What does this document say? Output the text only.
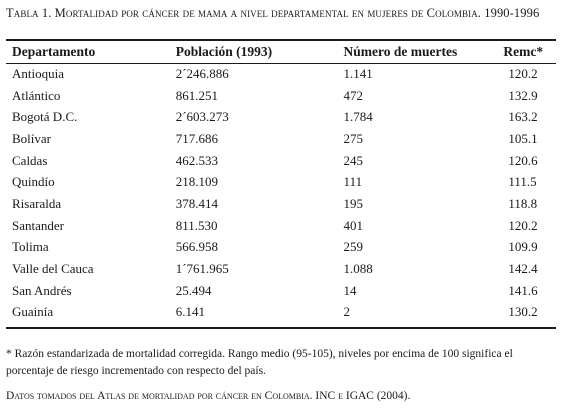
Tabla 1. Mortalidad por cáncer de mama a nivel departamental en mujeres de Colombia. 1990-1996
Departamento	Población (1993)	Número de muertes	Remc*
Antioquia	2´246.886	1.141	120.2
Atlántico	861.251	472	132.9
Bogotá D.C.	2´603.273	1.784	163.2
Bolívar	717.686	275	105.1
Caldas	462.533	245	120.6
Quindío	218.109	111	111.5
Risaralda	378.414	195	118.8
Santander	811.530	401	120.2
Tolima	566.958	259	109.9
Valle del Cauca	1´761.965	1.088	142.4
San Andrés	25.494	14	141.6
Guainía	6.141	2	130.2
* Razón estandarizada de mortalidad corregida. Rango medio (95-105), niveles por encima de 100 significa el porcentaje de riesgo incrementado con respecto del país.
Datos tomados del Atlas de mortalidad por cáncer en Colombia. INC e IGAC (2004).
